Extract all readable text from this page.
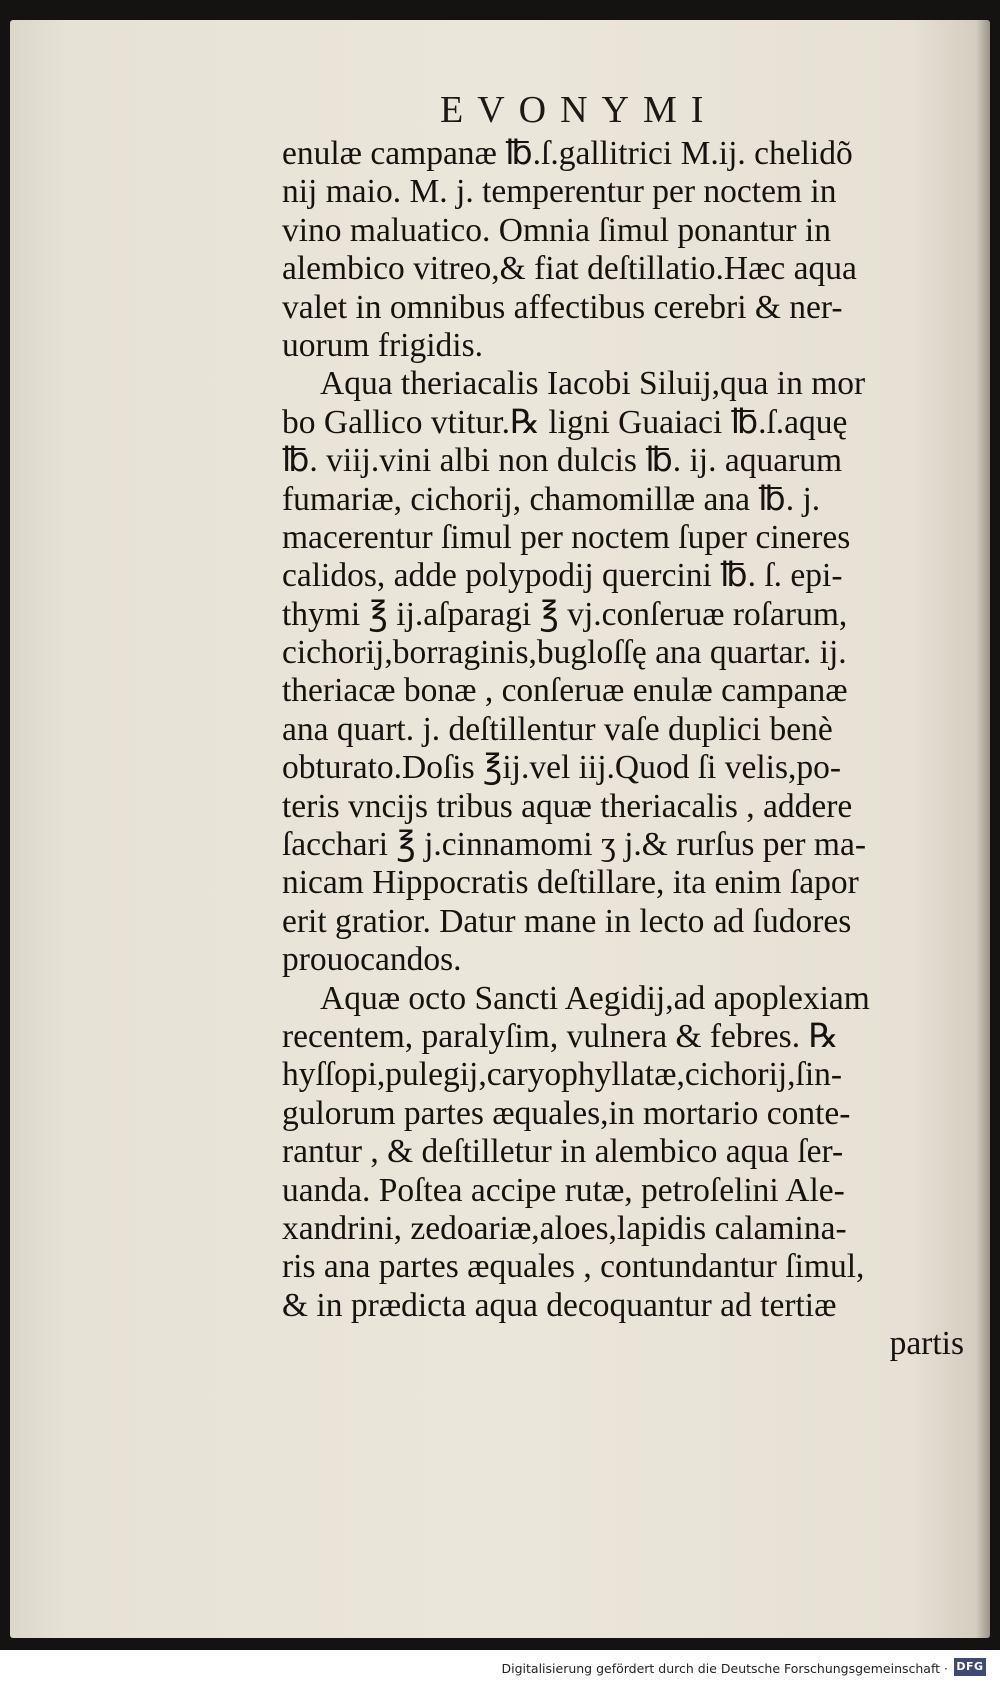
EVONYMI
enulæ campanæ ℔.ſ.gallitrici M.ij. chelidõ
nij maio. M. j. temperentur per noctem in
vino maluatico. Omnia ſimul ponantur in
alembico vitreo,& fiat deſtillatio.Hæc aqua
valet in omnibus affectibus cerebri & ner-
uorum frigidis.
Aqua theriacalis Iacobi Siluij,qua in mor
bo Gallico vtitur.℞ ligni Guaiaci ℔.ſ.aquę
℔. viij.vini albi non dulcis ℔. ij. aquarum
fumariæ, cichorij, chamomillæ ana ℔. j.
macerentur ſimul per noctem ſuper cineres
calidos, adde polypodij quercini ℔. ſ. epi-
thymi ℥ ij.aſparagi ℥ vj.conſeruæ roſarum,
cichorij,borraginis,bugloſſę ana quartar. ij.
theriacæ bonæ , conſeruæ enulæ campanæ
ana quart. j. deſtillentur vaſe duplici benè
obturato.Doſis ℥ij.vel iij.Quod ſi velis,po-
teris vncijs tribus aquæ theriacalis , addere
ſacchari ℥ j.cinnamomi ʒ j.& rurſus per ma-
nicam Hippocratis deſtillare, ita enim ſapor
erit gratior. Datur mane in lecto ad ſudores
prouocandos.
Aquæ octo Sancti Aegidij,ad apoplexiam
recentem, paralyſim, vulnera & febres. ℞
hyſſopi,pulegij,caryophyllatæ,cichorij,ſin-
gulorum partes æquales,in mortario conte-
rantur , & deſtilletur in alembico aqua ſer-
uanda. Poſtea accipe rutæ, petroſelini Ale-
xandrini, zedoariæ,aloes,lapidis calamina-
ris ana partes æquales , contundantur ſimul,
& in prædicta aqua decoquantur ad tertiæ
partis
Digitalisierung gefördert durch die Deutsche Forschungsgemeinschaft · DFG
